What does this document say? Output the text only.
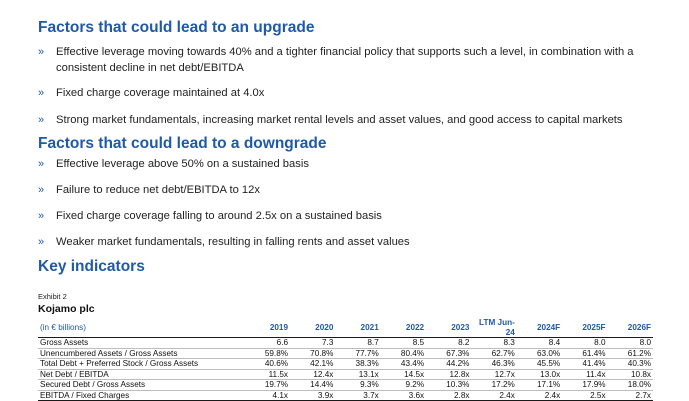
Factors that could lead to an upgrade
» Effective leverage moving towards 40% and a tighter financial policy that supports such a level, in combination with a consistent decline in net debt/EBITDA
» Fixed charge coverage maintained at 4.0x
» Strong market fundamentals, increasing market rental levels and asset values, and good access to capital markets
Factors that could lead to a downgrade
» Effective leverage above 50% on a sustained basis
» Failure to reduce net debt/EBITDA to 12x
» Fixed charge coverage falling to around 2.5x on a sustained basis
» Weaker market fundamentals, resulting in falling rents and asset values
Key indicators
Exhibit 2
Kojamo plc
(in € billions)	2019	2020	2021	2022	2023	LTM Jun-24	2024F	2025F	2026F
Gross Assets	6.6	7.3	8.7	8.5	8.2	8.3	8.4	8.0	8.0
Unencumbered Assets / Gross Assets	59.8%	70.8%	77.7%	80.4%	67.3%	62.7%	63.0%	61.4%	61.2%
Total Debt + Preferred Stock / Gross Assets	40.6%	42.1%	38.3%	43.4%	44.2%	46.3%	45.5%	41.4%	40.3%
Net Debt / EBITDA	11.5x	12.4x	13.1x	14.5x	12.8x	12.7x	13.0x	11.4x	10.8x
Secured Debt / Gross Assets	19.7%	14.4%	9.3%	9.2%	10.3%	17.2%	17.1%	17.9%	18.0%
EBITDA / Fixed Charges	4.1x	3.9x	3.7x	3.6x	2.8x	2.4x	2.4x	2.5x	2.7x
